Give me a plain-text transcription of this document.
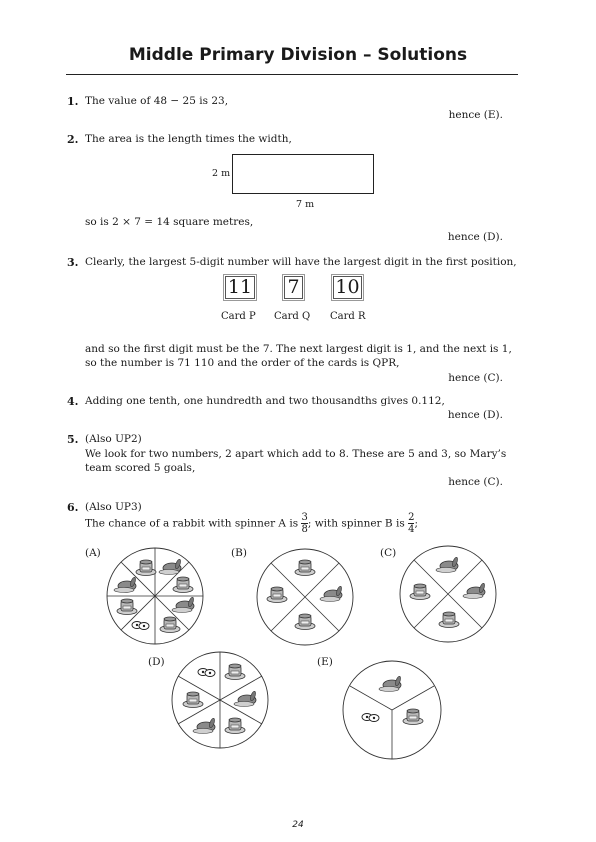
Middle Primary Division – Solutions
1. The value of 48 − 25 is 23,
hence (E).
2. The area is the length times the width,
2 m
7 m
so is 2 × 7 = 14 square metres,
hence (D).
3. Clearly, the largest 5-digit number will have the largest digit in the first position,
11 7 10
Card P Card Q Card R
and so the first digit must be the 7. The next largest digit is 1, and the next is 1,
so the number is 71 110 and the order of the cards is QPR,
hence (C).
4. Adding one tenth, one hundredth and two thousandths gives 0.112,
hence (D).
5. (Also UP2)
We look for two numbers, 2 apart which add to 8. These are 5 and 3, so Mary’s
team scored 5 goals,
hence (C).
6. (Also UP3)
The chance of a rabbit with spinner A is $\frac{3}{8}$ ; with spinner B is $\frac{2}{4}$ ;
(A)	(B)	(C)
(D)	(E)
24
